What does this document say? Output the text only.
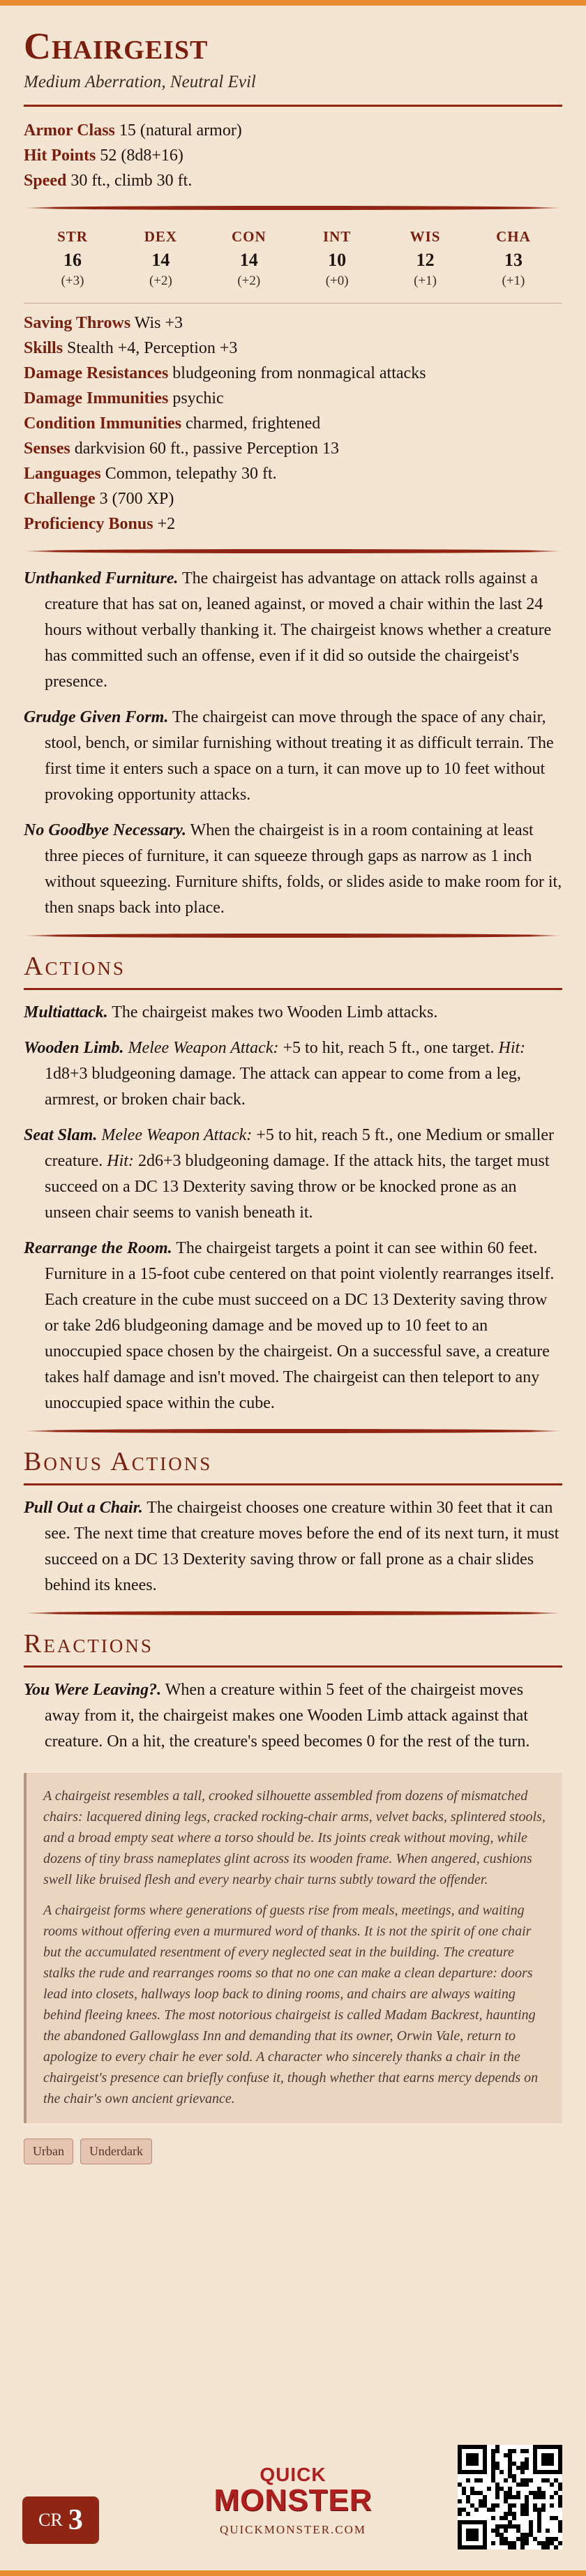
Chairgeist
Medium Aberration, Neutral Evil
Armor Class 15 (natural armor)
Hit Points 52 (8d8+16)
Speed 30 ft., climb 30 ft.
STR
16
(+3)
DEX
14
(+2)
CON
14
(+2)
INT
10
(+0)
WIS
12
(+1)
CHA
13
(+1)
Saving Throws Wis +3
Skills Stealth +4, Perception +3
Damage Resistances bludgeoning from nonmagical attacks
Damage Immunities psychic
Condition Immunities charmed, frightened
Senses darkvision 60 ft., passive Perception 13
Languages Common, telepathy 30 ft.
Challenge 3 (700 XP)
Proficiency Bonus +2

Unthanked Furniture. The chairgeist has advantage on attack rolls against a creature that has sat on, leaned against, or moved a chair within the last 24 hours without verbally thanking it. The chairgeist knows whether a creature has committed such an offense, even if it did so outside the chairgeist's presence.

Grudge Given Form. The chairgeist can move through the space of any chair, stool, bench, or similar furnishing without treating it as difficult terrain. The first time it enters such a space on a turn, it can move up to 10 feet without provoking opportunity attacks.

No Goodbye Necessary. When the chairgeist is in a room containing at least three pieces of furniture, it can squeeze through gaps as narrow as 1 inch without squeezing. Furniture shifts, folds, or slides aside to make room for it, then snaps back into place.

Actions

Multiattack. The chairgeist makes two Wooden Limb attacks.

Wooden Limb. Melee Weapon Attack: +5 to hit, reach 5 ft., one target. Hit: 1d8+3 bludgeoning damage. The attack can appear to come from a leg, armrest, or broken chair back.

Seat Slam. Melee Weapon Attack: +5 to hit, reach 5 ft., one Medium or smaller creature. Hit: 2d6+3 bludgeoning damage. If the attack hits, the target must succeed on a DC 13 Dexterity saving throw or be knocked prone as an unseen chair seems to vanish beneath it.

Rearrange the Room. The chairgeist targets a point it can see within 60 feet. Furniture in a 15-foot cube centered on that point violently rearranges itself. Each creature in the cube must succeed on a DC 13 Dexterity saving throw or take 2d6 bludgeoning damage and be moved up to 10 feet to an unoccupied space chosen by the chairgeist. On a successful save, a creature takes half damage and isn't moved. The chairgeist can then teleport to any unoccupied space within the cube.

Bonus Actions

Pull Out a Chair. The chairgeist chooses one creature within 30 feet that it can see. The next time that creature moves before the end of its next turn, it must succeed on a DC 13 Dexterity saving throw or fall prone as a chair slides behind its knees.

Reactions

You Were Leaving?. When a creature within 5 feet of the chairgeist moves away from it, the chairgeist makes one Wooden Limb attack against that creature. On a hit, the creature's speed becomes 0 for the rest of the turn.

A chairgeist resembles a tall, crooked silhouette assembled from dozens of mismatched chairs: lacquered dining legs, cracked rocking-chair arms, velvet backs, splintered stools, and a broad empty seat where a torso should be. Its joints creak without moving, while dozens of tiny brass nameplates glint across its wooden frame. When angered, cushions swell like bruised flesh and every nearby chair turns subtly toward the offender.

A chairgeist forms where generations of guests rise from meals, meetings, and waiting rooms without offering even a murmured word of thanks. It is not the spirit of one chair but the accumulated resentment of every neglected seat in the building. The creature stalks the rude and rearranges rooms so that no one can make a clean departure: doors lead into closets, hallways loop back to dining rooms, and chairs are always waiting behind fleeing knees. The most notorious chairgeist is called Madam Backrest, haunting the abandoned Gallowglass Inn and demanding that its owner, Orwin Vale, return to apologize to every chair he ever sold. A character who sincerely thanks a chair in the chairgeist's presence can briefly confuse it, though whether that earns mercy depends on the chair's own ancient grievance.

Urban	Underdark
CR 3
QUICK
MONSTER
QUICKMONSTER.COM
